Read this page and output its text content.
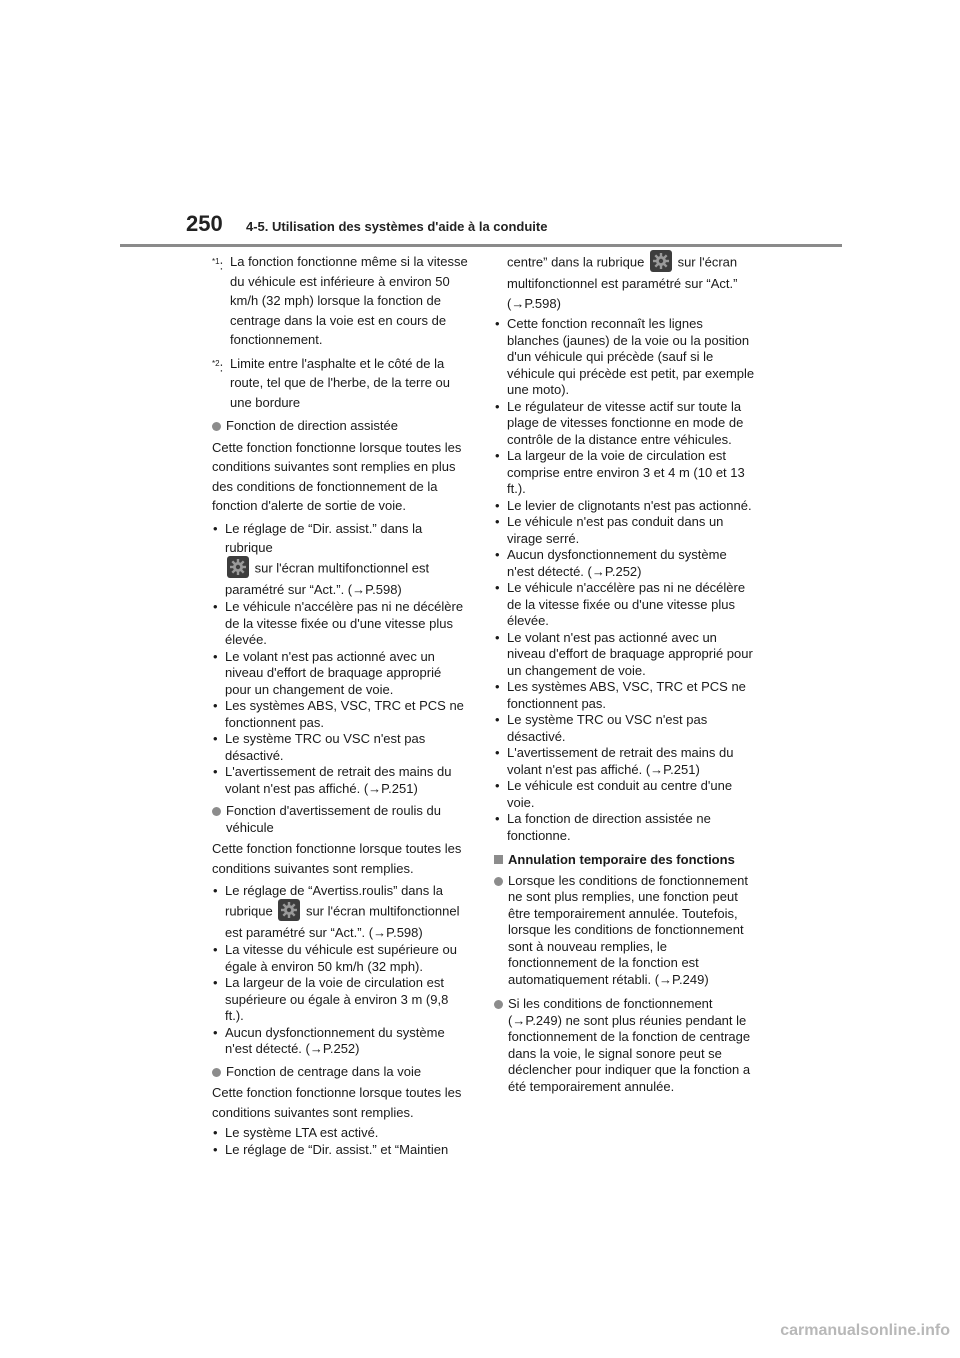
250 4-5. Utilisation des systèmes d'aide à la conduite
$^{*1}$: La fonction fonctionne même si la vitesse du véhicule est inférieure à environ 50 km/h (32 mph) lorsque la fonction de centrage dans la voie est en cours de fonctionnement.
$^{*2}$: Limite entre l'asphalte et le côté de la route, tel que de l'herbe, de la terre ou une bordure
Fonction de direction assistée

Cette fonction fonctionne lorsque toutes les conditions suivantes sont remplies en plus des conditions de fonctionnement de la fonction d'alerte de sortie de voie.

• Le réglage de “Dir. assist.” dans la rubrique

sur l'écran multifonctionnel est paramétré sur “Act.”. (→P.598)
• Le véhicule n'accélère pas ni ne décélère de la vitesse fixée ou d'une vitesse plus élevée.
• Le volant n'est pas actionné avec un niveau d'effort de braquage approprié pour un changement de voie.
• Les systèmes ABS, VSC, TRC et PCS ne fonctionnent pas.
• Le système TRC ou VSC n'est pas désactivé.
• L'avertissement de retrait des mains du volant n'est pas affiché. (→P.251)
Fonction d'avertissement de roulis du véhicule

Cette fonction fonctionne lorsque toutes les conditions suivantes sont remplies.

• Le réglage de “Avertiss.roulis” dans la rubrique	sur l'écran multifonctionnel est paramétré sur “Act.”. (→P.598)
• La vitesse du véhicule est supérieure ou égale à environ 50 km/h (32 mph).
• La largeur de la voie de circulation est supérieure ou égale à environ 3 m (9,8 ft.).
• Aucun dysfonctionnement du système n'est détecté. (→P.252)
Fonction de centrage dans la voie

Cette fonction fonctionne lorsque toutes les conditions suivantes sont remplies.

• Le système LTA est activé.
• Le réglage de “Dir. assist.” et “Maintien
centre” dans la rubrique	sur l'écran multifonctionnel est paramétré sur “Act.” (→P.598)
• Cette fonction reconnaît les lignes blanches (jaunes) de la voie ou la position d'un véhicule qui précède (sauf si le véhicule qui précède est petit, par exemple une moto).
• Le régulateur de vitesse actif sur toute la plage de vitesses fonctionne en mode de contrôle de la distance entre véhicules.
• La largeur de la voie de circulation est comprise entre environ 3 et 4 m (10 et 13 ft.).
• Le levier de clignotants n'est pas actionné.
• Le véhicule n'est pas conduit dans un virage serré.
• Aucun dysfonctionnement du système n'est détecté. (→P.252)
• Le véhicule n'accélère pas ni ne décélère de la vitesse fixée ou d'une vitesse plus élevée.
• Le volant n'est pas actionné avec un niveau d'effort de braquage approprié pour un changement de voie.
• Les systèmes ABS, VSC, TRC et PCS ne fonctionnent pas.
• Le système TRC ou VSC n'est pas désactivé.
• L'avertissement de retrait des mains du volant n'est pas affiché. (→P.251)
• Le véhicule est conduit au centre d'une voie.
• La fonction de direction assistée ne fonctionne.
Annulation temporaire des fonctions
Lorsque les conditions de fonctionnement ne sont plus remplies, une fonction peut être temporairement annulée. Toutefois, lorsque les conditions de fonctionnement sont à nouveau remplies, le fonctionnement de la fonction est automatiquement rétabli. (→P.249)
Si les conditions de fonctionnement (→P.249) ne sont plus réunies pendant le fonctionnement de la fonction de centrage dans la voie, le signal sonore peut se déclencher pour indiquer que la fonction a été temporairement annulée.
carmanualsonline.info
